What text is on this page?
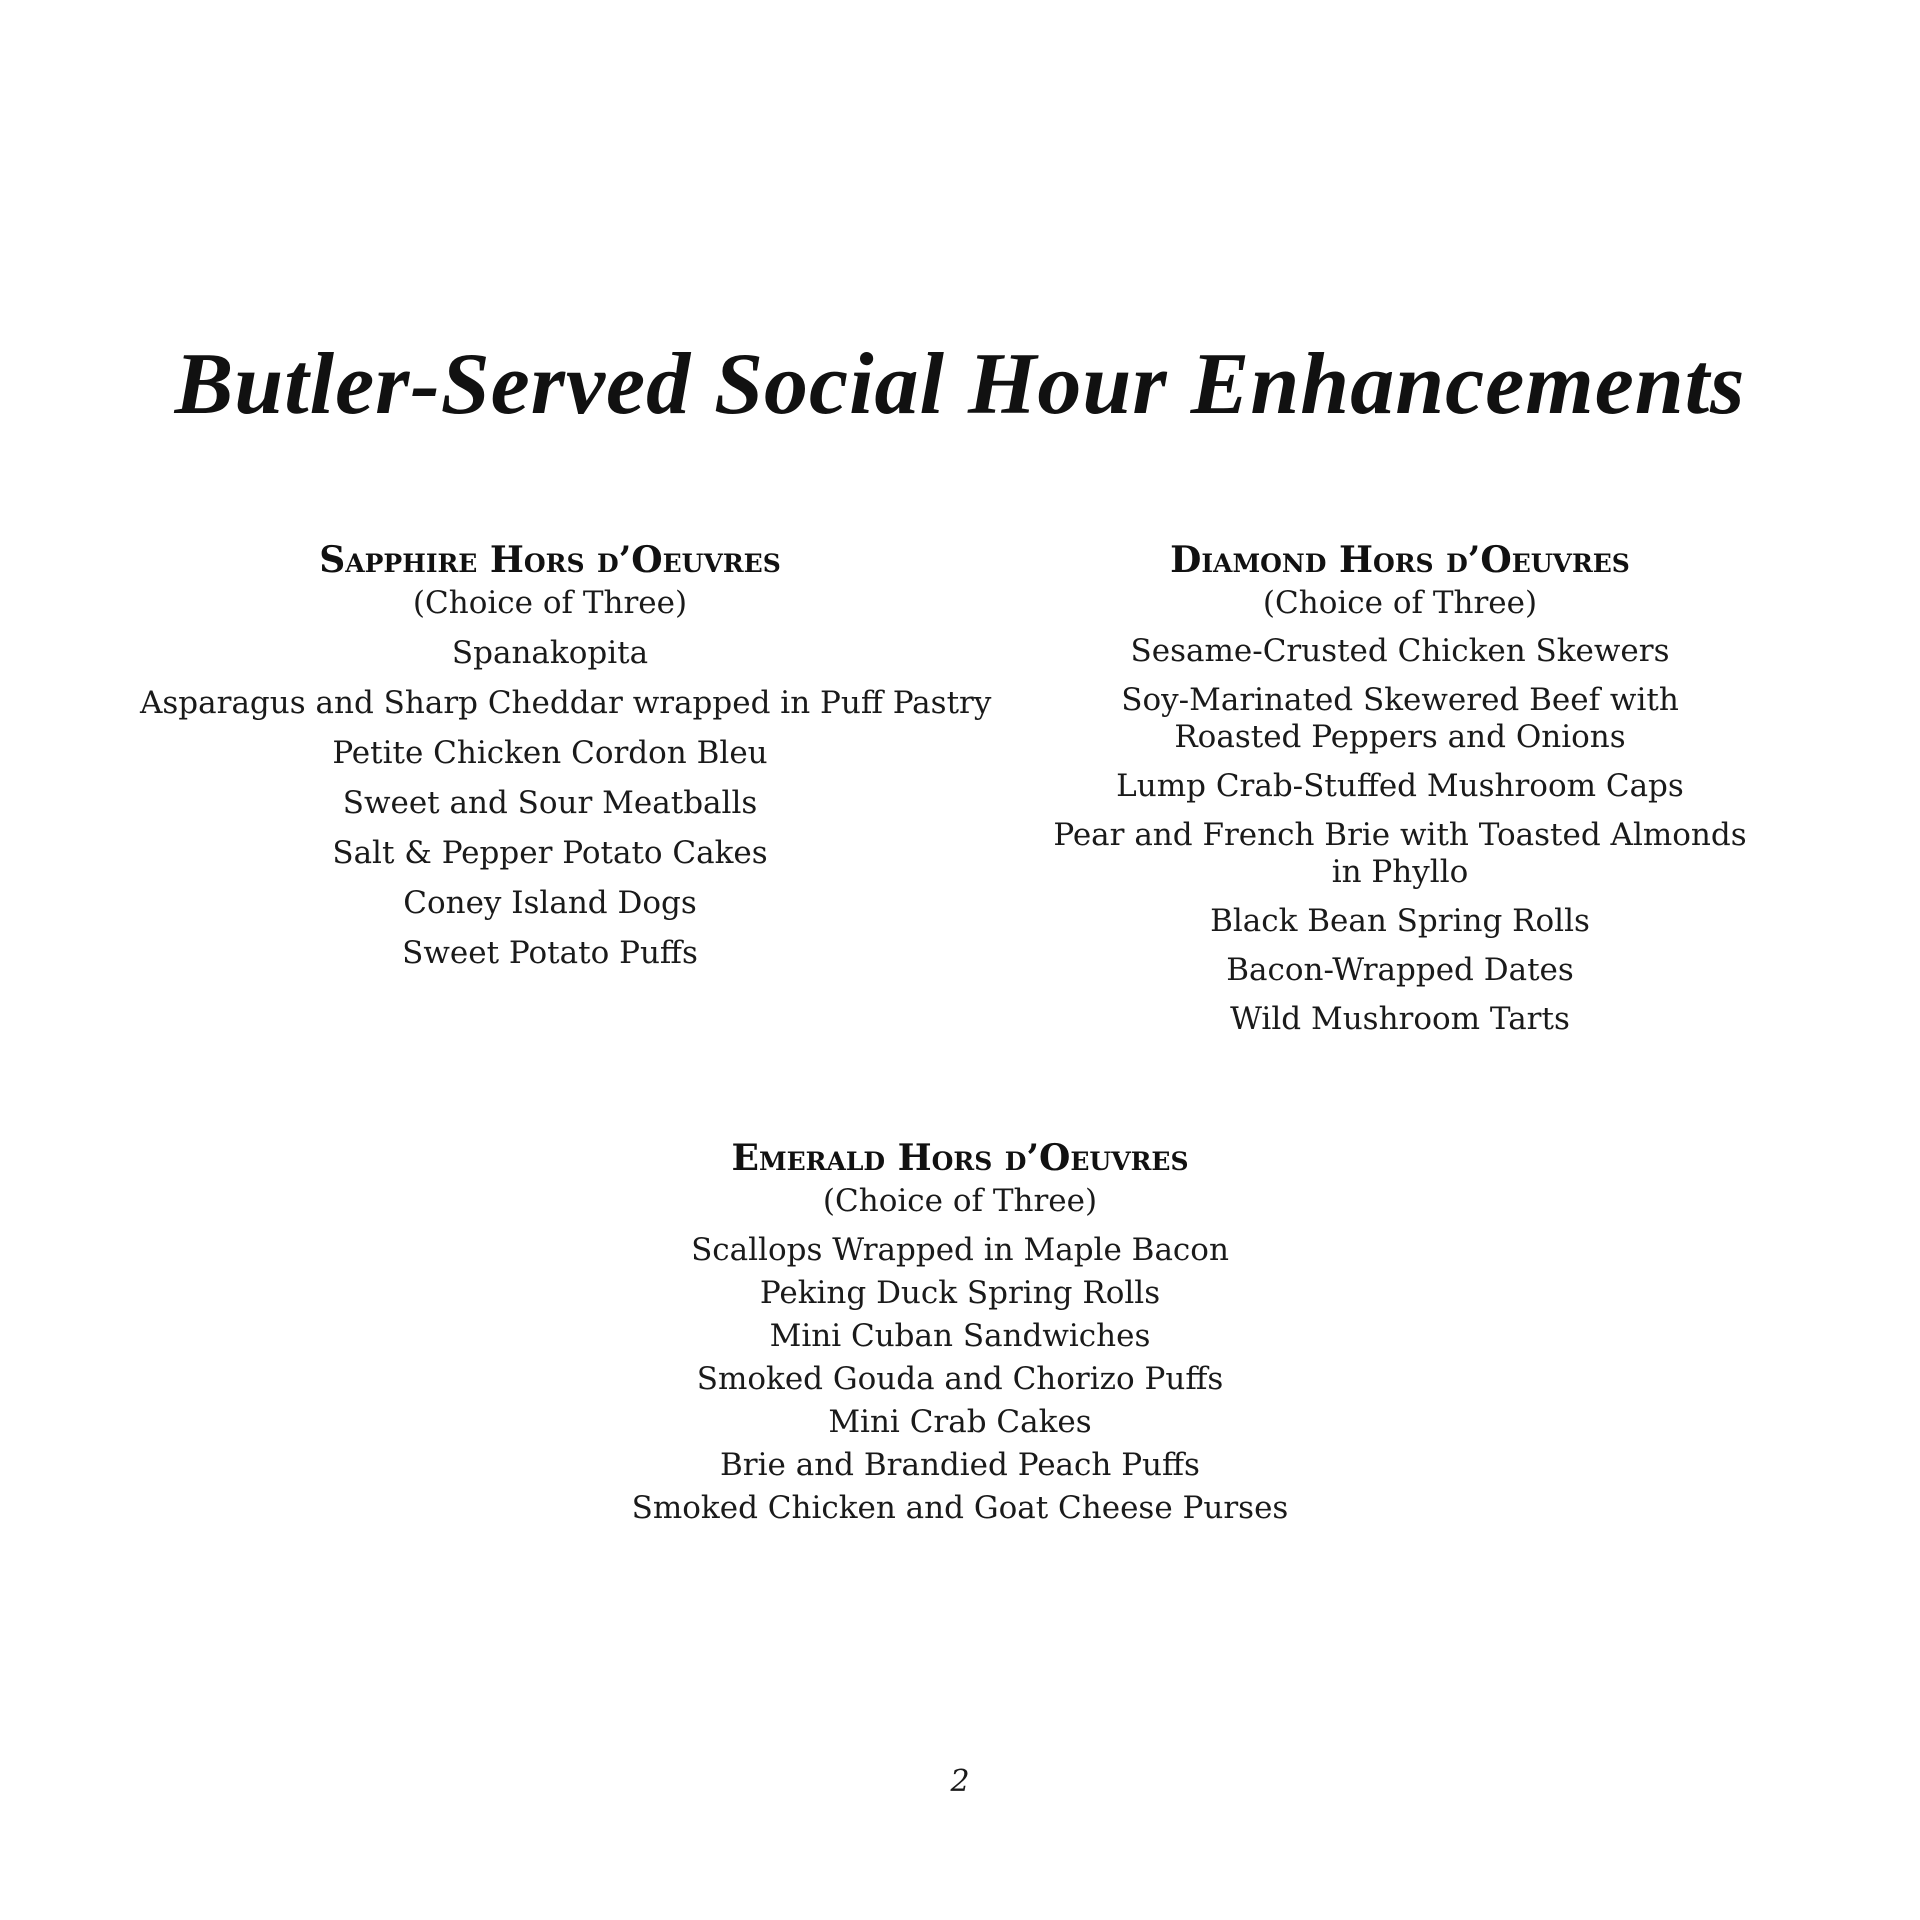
Butler-Served Social Hour Enhancements
Sapphire Hors d’Oeuvres
(Choice of Three)
Spanakopita
Asparagus and Sharp Cheddar wrapped in Puff Pastry
Petite Chicken Cordon Bleu
Sweet and Sour Meatballs
Salt & Pepper Potato Cakes
Coney Island Dogs
Sweet Potato Puffs
Diamond Hors d’Oeuvres
(Choice of Three)
Sesame-Crusted Chicken Skewers
Soy-Marinated Skewered Beef with Roasted Peppers and Onions
Lump Crab-Stuffed Mushroom Caps
Pear and French Brie with Toasted Almonds in Phyllo
Black Bean Spring Rolls
Bacon-Wrapped Dates
Wild Mushroom Tarts
Emerald Hors d’Oeuvres
(Choice of Three)
Scallops Wrapped in Maple Bacon
Peking Duck Spring Rolls
Mini Cuban Sandwiches
Smoked Gouda and Chorizo Puffs
Mini Crab Cakes
Brie and Brandied Peach Puffs
Smoked Chicken and Goat Cheese Purses
2
